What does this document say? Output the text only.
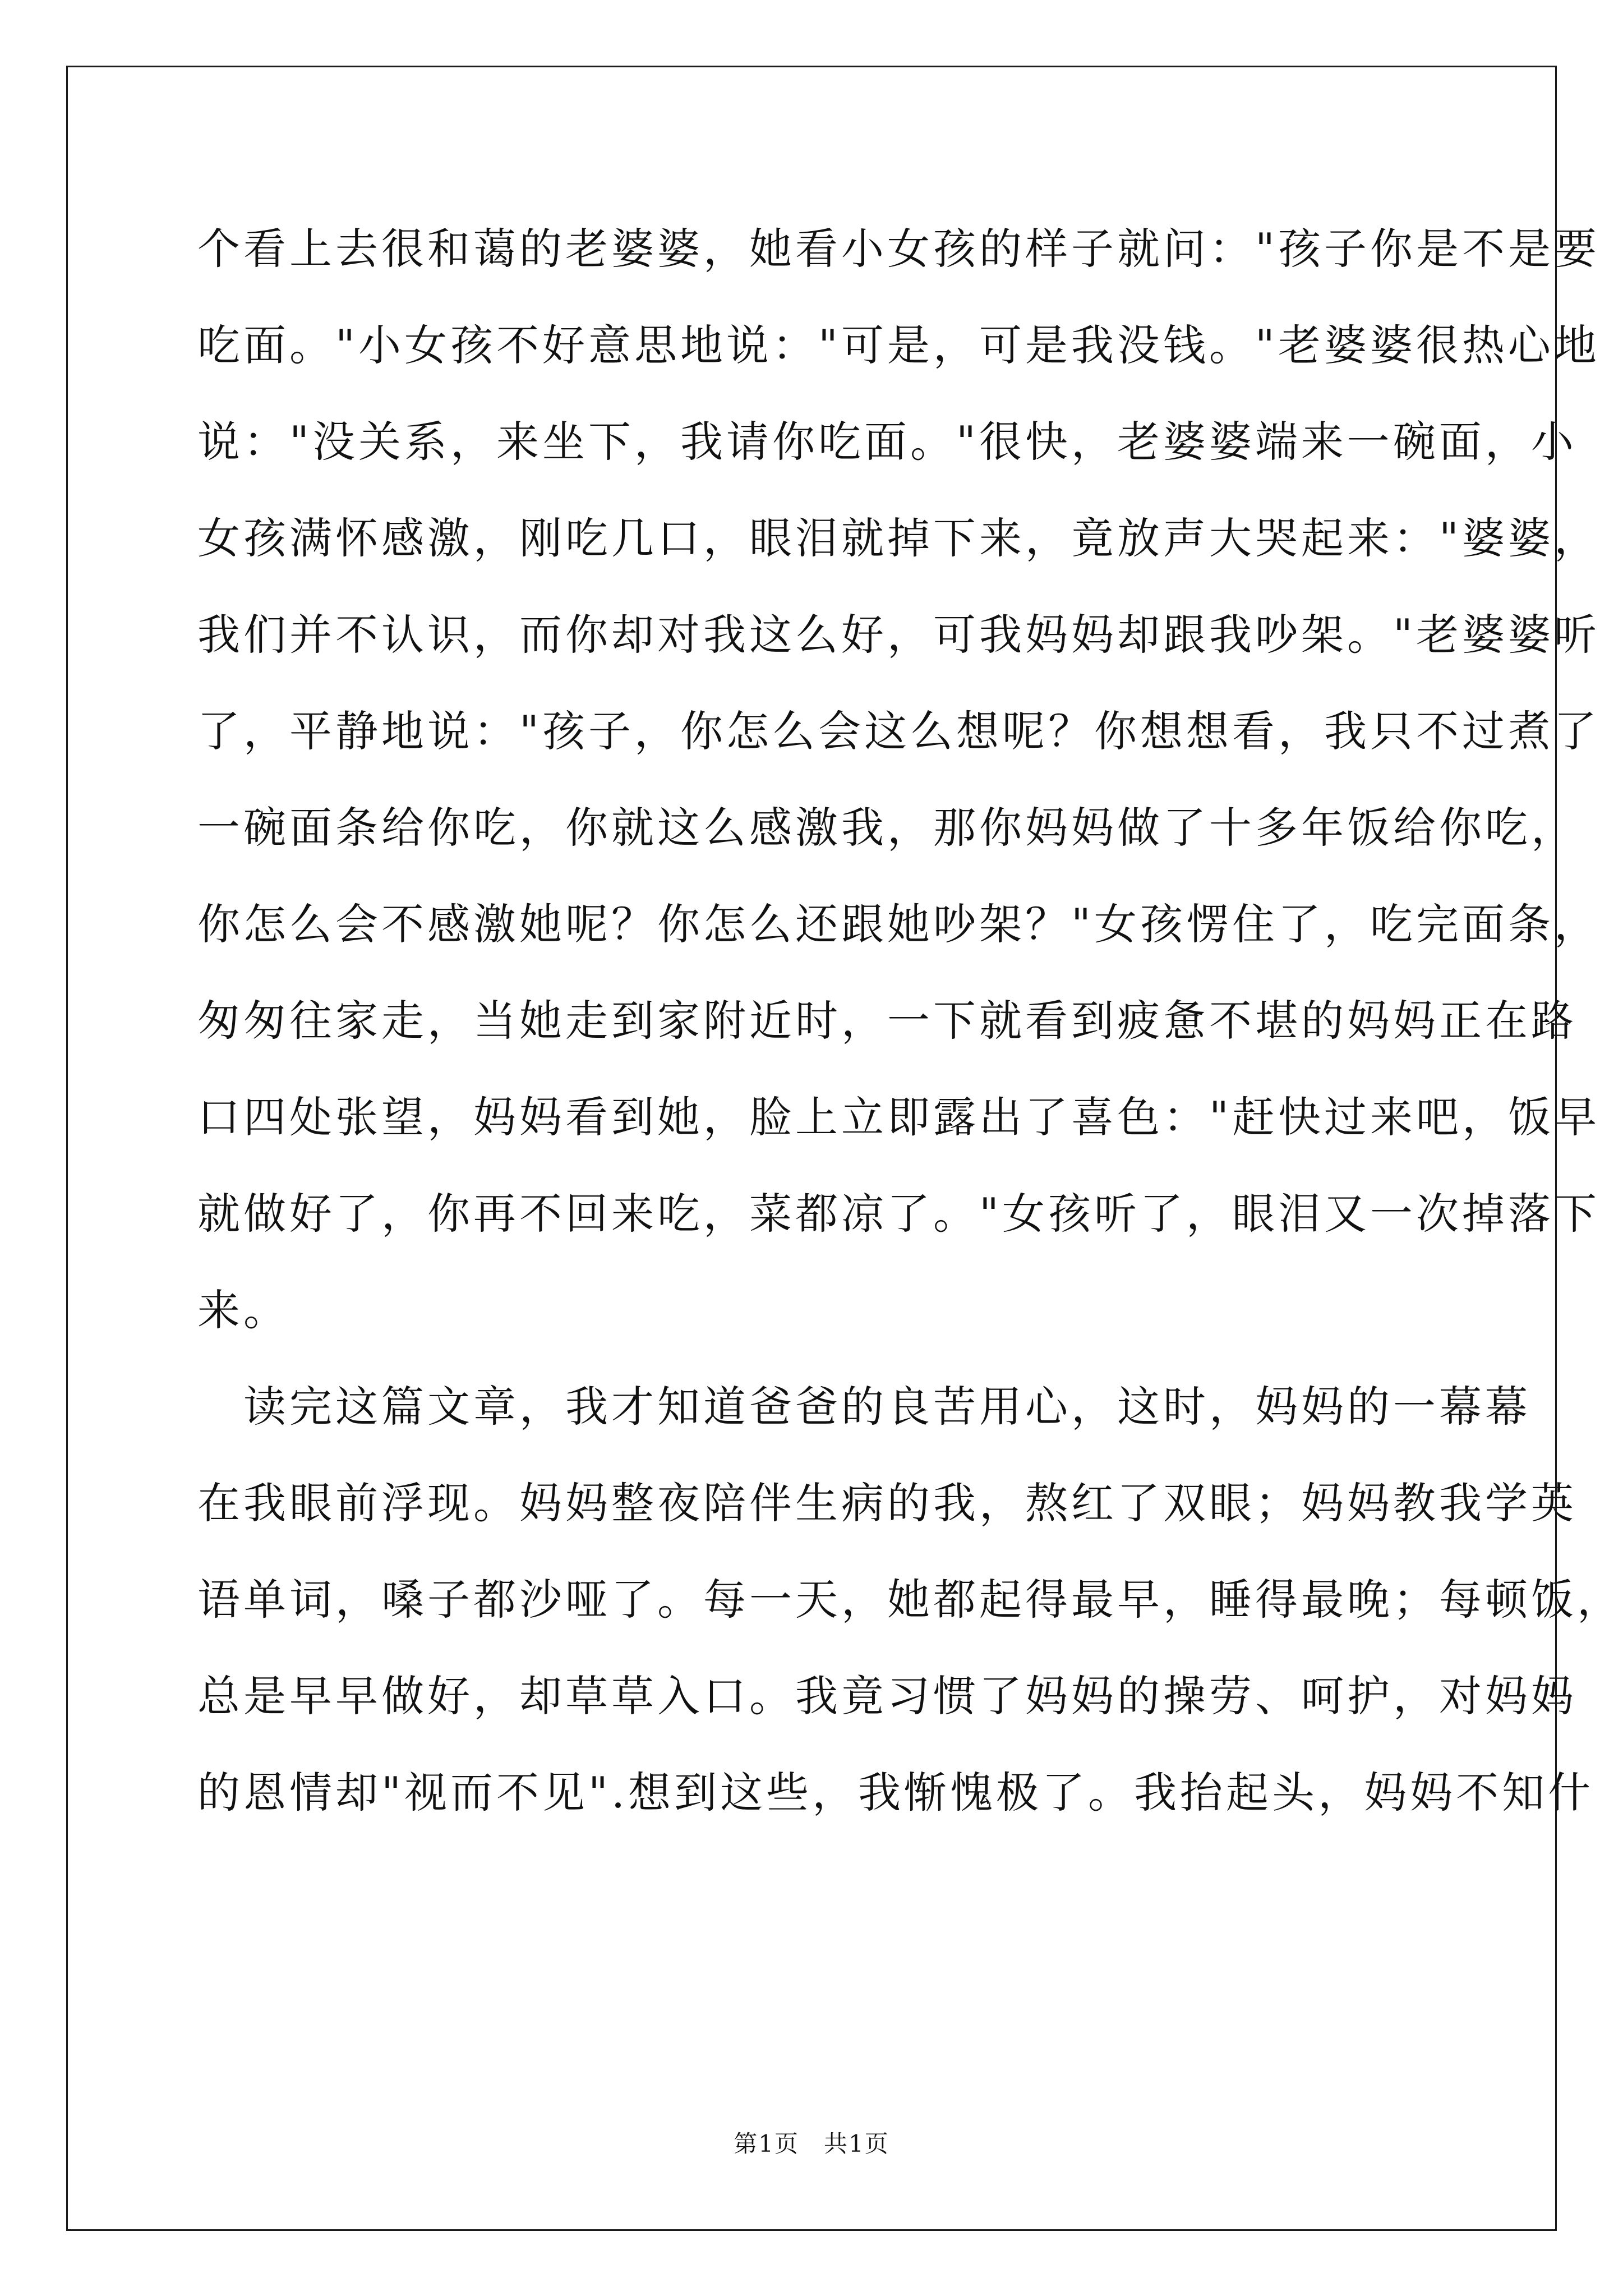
个看上去很和蔼的老婆婆，她看小女孩的样子就问："孩子你是不是要
吃面。"小女孩不好意思地说："可是，可是我没钱。"老婆婆很热心地
说："没关系，来坐下，我请你吃面。"很快，老婆婆端来一碗面，小
女孩满怀感激，刚吃几口，眼泪就掉下来，竟放声大哭起来："婆婆，
我们并不认识，而你却对我这么好，可我妈妈却跟我吵架。"老婆婆听
了，平静地说："孩子，你怎么会这么想呢？你想想看，我只不过煮了
一碗面条给你吃，你就这么感激我，那你妈妈做了十多年饭给你吃，
你怎么会不感激她呢？你怎么还跟她吵架？"女孩愣住了，吃完面条，
匆匆往家走，当她走到家附近时，一下就看到疲惫不堪的妈妈正在路
口四处张望，妈妈看到她，脸上立即露出了喜色："赶快过来吧，饭早
就做好了，你再不回来吃，菜都凉了。"女孩听了，眼泪又一次掉落下
来。
　读完这篇文章，我才知道爸爸的良苦用心，这时，妈妈的一幕幕
在我眼前浮现。妈妈整夜陪伴生病的我，熬红了双眼；妈妈教我学英
语单词，嗓子都沙哑了。每一天，她都起得最早，睡得最晚；每顿饭，
总是早早做好，却草草入口。我竟习惯了妈妈的操劳、呵护，对妈妈
的恩情却"视而不见".想到这些，我惭愧极了。我抬起头，妈妈不知什
第1页　共1页
